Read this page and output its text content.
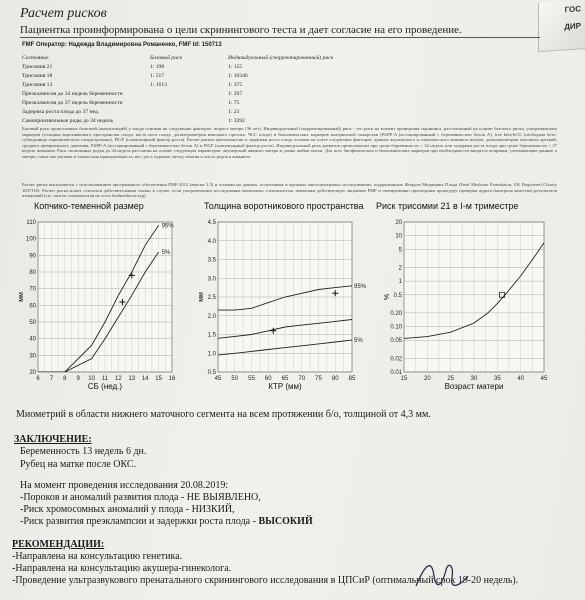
ГОС
ДИР
Расчет рисков
Пациентка проинформирована о цели скринингового теста и дает согласие на его проведение.
FMF Оператор: Надежда Владимировна Романенко, FMF Id: 150713
Состояние	Базовый риск	Индивидуальный (скорректированный) риск
Трисомия 21	1: 198	1: 155
Трисомия 18	1: 517	1: 10346
Трисомия 13	1: 1613	1: 375
Преэклампсия до 34 недель беременности		1: 297
Преэклампсия до 37 недель беременности		1: 75
Задержка роста плода до 37 нед.		1: 23
Самопроизвольные роды до 34 недель		1: 3392
Базовый риск хромосомных болезней (анеуплоидий) у плода основан на следующих факторах: возраст матери (36 лет). Индивидуальный (скорректированный) риск - это риск на момент проведения скрининга, рассчитанный на основе базового риска, ультразвуковых маркеров (толщина воротникового пространства плода, кость носа плода, допплерометрия венозного протока, ЧСС плода) и биохимических маркеров материнской сыворотки (PAPP-A (ассоциированный с беременностью белок А), free beta-hCG (свободная бета-субъединица хорионического гонадотропина), PlGF (плацентарный фактор роста). Расчет рисков преэклампсии и задержки роста плода основан на учете следующих факторов: данных акушерского и соматического анамнеза матери, допплерометрии маточных артерий, среднего артериального давления, PAPP-A (ассоциированный с беременностью белок А) и PlGF (плацентарный фактор роста). Индивидуальный риск развития преэклампсии при сроке беременности < 34 недель или задержки роста плода при сроке беременности < 37 недель повышен. Риск спонтанных родов до 34 недель рассчитан на основе следующих параметров: акушерский анамнез матери и длина шейки матки. Для всех биофизических и биохимических маркеров при необходимости вводятся поправки, учитывающие данные о матери, такие как расовая и этническая принадлежность, вес, рост, курение, метод зачатия и число родов в анамнезе.
Расчет риска выполняется с использованием программного обеспечения FMF-2012 (версия 3.5) и основан на данных, полученных в крупных многоцентровых исследованиях, поддержанных Фондом Медицины Плода (Fetal Medicine Foundation, UK Registered Charity 1037116). Расчет риска может считаться действительным только в случае, если ультразвуковое исследование выполнено специалистом, имеющим действующую лицензию FMF и своевременно прошедшим процедуру проверки аудита (контроля качества) результатов измерений (см. список специалистов на www.fetalmedicine.org).
Копчико-теменной размер
20
30
40
50
60
70
80
90
100
110
6 7 8 9 10 11 12 13 14 15 16
СБ (нед.)
мм
95%
5%
Толщина воротникового пространства
0.5
1.0
1.5
2.0
2.5
3.0
3.5
4.0
4.5
45 50 55 60 65 70 75 80 85
КТР (мм)
мм
95%
5%
Риск трисомии 21 в I-м триместре
0.01
0.02
0.05
0.10
0.20
0.5
1
2
5
10
20
15	20	25	30	35	40	45
Возраст матери
%
Миометрий в области нижнего маточного сегмента на всем протяжении б/о, толщиной от 4,3 мм.
ЗАКЛЮЧЕНИЕ:
Беременность 13 недель 6 дн.
Рубец на матке после ОКС.
На момент проведения исследования 20.08.2019:
-Пороков и аномалий развития плода - НЕ ВЫЯВЛЕНО,
-Риск хромосомных аномалий у плода - НИЗКИЙ,
-Риск развития преэклампсии и задержки роста плода - ВЫСОКИЙ
РЕКОМЕНДАЦИИ:
-Направлена на консультацию генетика.
-Направлена на консультацию акушера-гинеколога.
-Проведение ультразвукового пренатального скринингового исследования в ЦПСиР (оптимальный срок 19-20 недель).
